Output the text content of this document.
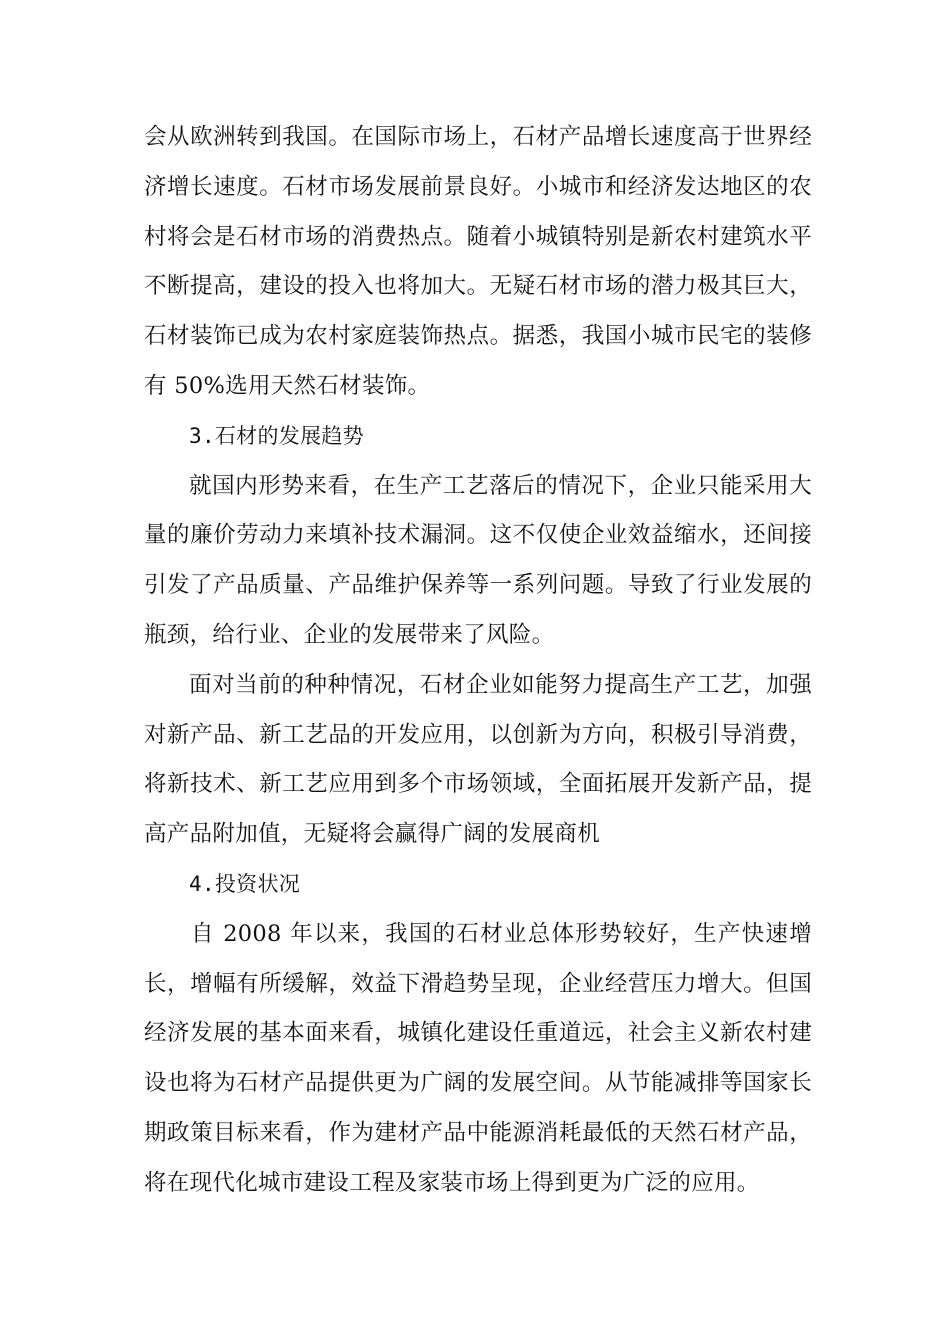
会从欧洲转到我国。在国际市场上，石材产品增长速度高于世界经济增长速度。石材市场发展前景良好。小城市和经济发达地区的农村将会是石材市场的消费热点。随着小城镇特别是新农村建筑水平不断提高，建设的投入也将加大。无疑石材市场的潜力极其巨大，石材装饰已成为农村家庭装饰热点。据悉，我国小城市民宅的装修有 50%选用天然石材装饰。

3.石材的发展趋势

就国内形势来看，在生产工艺落后的情况下，企业只能采用大量的廉价劳动力来填补技术漏洞。这不仅使企业效益缩水，还间接引发了产品质量、产品维护保养等一系列问题。导致了行业发展的瓶颈，给行业、企业的发展带来了风险。

面对当前的种种情况，石材企业如能努力提高生产工艺，加强对新产品、新工艺品的开发应用，以创新为方向，积极引导消费，将新技术、新工艺应用到多个市场领域，全面拓展开发新产品，提高产品附加值，无疑将会赢得广阔的发展商机

4.投资状况

自 2008 年以来，我国的石材业总体形势较好，生产快速增长，增幅有所缓解，效益下滑趋势呈现，企业经营压力增大。但国经济发展的基本面来看，城镇化建设任重道远，社会主义新农村建设也将为石材产品提供更为广阔的发展空间。从节能减排等国家长期政策目标来看，作为建材产品中能源消耗最低的天然石材产品，将在现代化城市建设工程及家装市场上得到更为广泛的应用。
